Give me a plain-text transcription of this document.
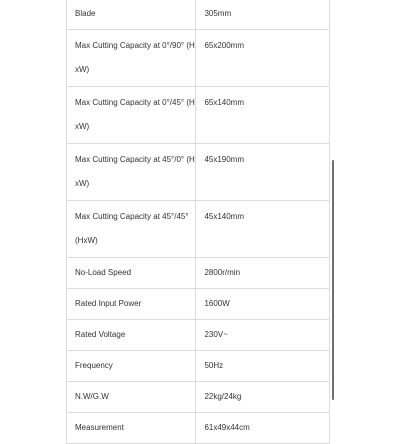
Blade	305mm
Max Cutting Capacity at 0°/90° (H xW)	65x200mm
Max Cutting Capacity at 0°/45° (H xW)	65x140mm
Max Cutting Capacity at 45°/0° (H xW)	45x190mm
Max Cutting Capacity at 45°/45° (HxW)	45x140mm
No-Load Speed	2800r/min
Rated Input Power	1600W
Rated Voltage	230V~
Frequency	50Hz
N.W/G.W	22kg/24kg
Measurement	61x49x44cm
